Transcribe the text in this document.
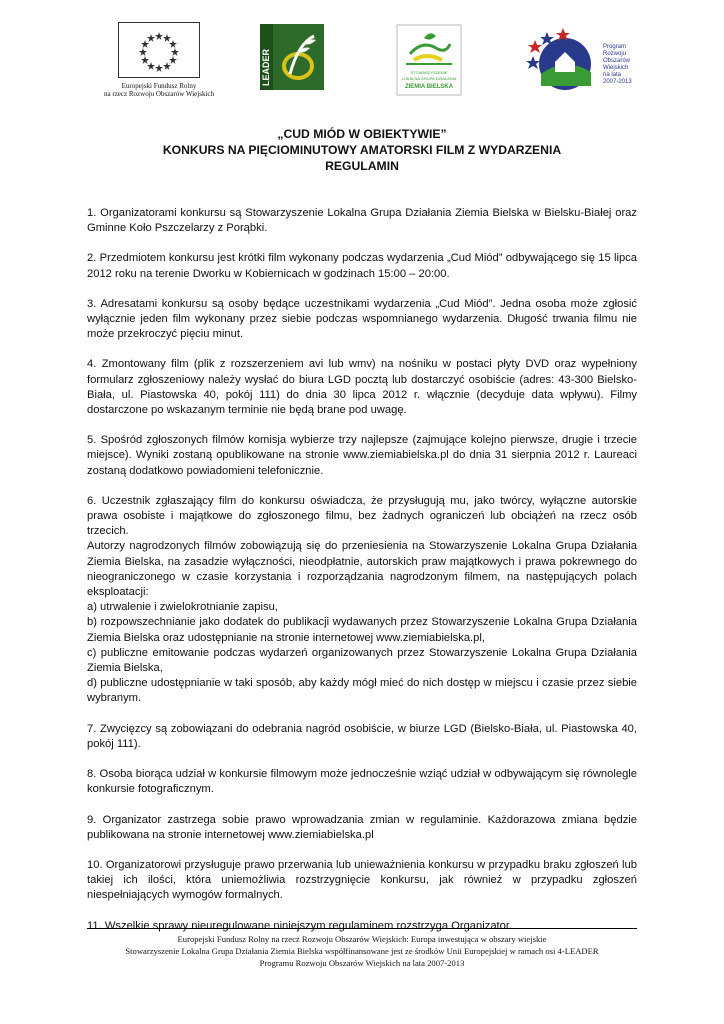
Europejski Fundusz Rolny
na rzecz Rozwoju Obszarów Wiejskich
LEADER	STOWARZYSZENIE
LOKALNA GRUPA DZIAŁANIA
ZIEMIA BIELSKA
Program
Rozwoju
Obszarów
Wiejskich
na lata 2007-2013
„CUD MIÓD W OBIEKTYWIE”
KONKURS NA PIĘCIOMINUTOWY AMATORSKI FILM Z WYDARZENIA
REGULAMIN

1. Organizatorami konkursu są Stowarzyszenie Lokalna Grupa Działania Ziemia Bielska w Bielsku-Białej oraz Gminne Koło Pszczelarzy z Porąbki.

2. Przedmiotem konkursu jest krótki film wykonany podczas wydarzenia „Cud Miód” odbywającego się 15 lipca 2012 roku na terenie Dworku w Kobiernicach w godzinach 15:00 – 20:00.

3. Adresatami konkursu są osoby będące uczestnikami wydarzenia „Cud Miód”. Jedna osoba może zgłosić wyłącznie jeden film wykonany przez siebie podczas wspomnianego wydarzenia. Długość trwania filmu nie może przekroczyć pięciu minut.

4. Zmontowany film (plik z rozszerzeniem avi lub wmv) na nośniku w postaci płyty DVD oraz wypełniony formularz zgłoszeniowy należy wysłać do biura LGD pocztą lub dostarczyć osobiście (adres: 43-300 Bielsko-Biała, ul. Piastowska 40, pokój 111) do dnia 30 lipca 2012 r. włącznie (decyduje data wpływu). Filmy dostarczone po wskazanym terminie nie będą brane pod uwagę.

5. Spośród zgłoszonych filmów komisja wybierze trzy najlepsze (zajmujące kolejno pierwsze, drugie i trzecie miejsce). Wyniki zostaną opublikowane na stronie www.ziemiabielska.pl do dnia 31 sierpnia 2012 r. Laureaci zostaną dodatkowo powiadomieni telefonicznie.

6. Uczestnik zgłaszający film do konkursu oświadcza, że przysługują mu, jako twórcy, wyłączne autorskie prawa osobiste i majątkowe do zgłoszonego filmu, bez żadnych ograniczeń lub obciążeń na rzecz osób trzecich.

Autorzy nagrodzonych filmów zobowiązują się do przeniesienia na Stowarzyszenie Lokalna Grupa Działania Ziemia Bielska, na zasadzie wyłączności, nieodpłatnie, autorskich praw majątkowych i prawa pokrewnego do nieograniczonego w czasie korzystania i rozporządzania nagrodzonym filmem, na następujących polach eksploatacji:

a) utrwalenie i zwielokrotnianie zapisu,

b) rozpowszechnianie jako dodatek do publikacji wydawanych przez Stowarzyszenie Lokalna Grupa Działania Ziemia Bielska oraz udostępnianie na stronie internetowej www.ziemiabielska.pl,

c) publiczne emitowanie podczas wydarzeń organizowanych przez Stowarzyszenie Lokalna Grupa Działania Ziemia Bielska,

d) publiczne udostępnianie w taki sposób, aby każdy mógł mieć do nich dostęp w miejscu i czasie przez siebie wybranym.

7. Zwycięzcy są zobowiązani do odebrania nagród osobiście, w biurze LGD (Bielsko-Biała, ul. Piastowska 40, pokój 111).

8. Osoba biorąca udział w konkursie filmowym może jednocześnie wziąć udział w odbywającym się równolegle konkursie fotograficznym.

9. Organizator zastrzega sobie prawo wprowadzania zmian w regulaminie. Każdorazowa zmiana będzie publikowana na stronie internetowej www.ziemiabielska.pl

10. Organizatorowi przysługuje prawo przerwania lub unieważnienia konkursu w przypadku braku zgłoszeń lub takiej ich ilości, która uniemożliwia rozstrzygnięcie konkursu, jak również w przypadku zgłoszeń niespełniających wymogów formalnych.

11. Wszelkie sprawy nieuregulowane niniejszym regulaminem rozstrzyga Organizator.

Europejski Fundusz Rolny na rzecz Rozwoju Obszarów Wiejskich: Europa inwestująca w obszary wiejskie
Stowarzyszenie Lokalna Grupa Działania Ziemia Bielska współfinansowane jest ze środków Unii Europejskiej w ramach osi 4-LEADER
Programu Rozwoju Obszarów Wiejskich na lata 2007-2013
